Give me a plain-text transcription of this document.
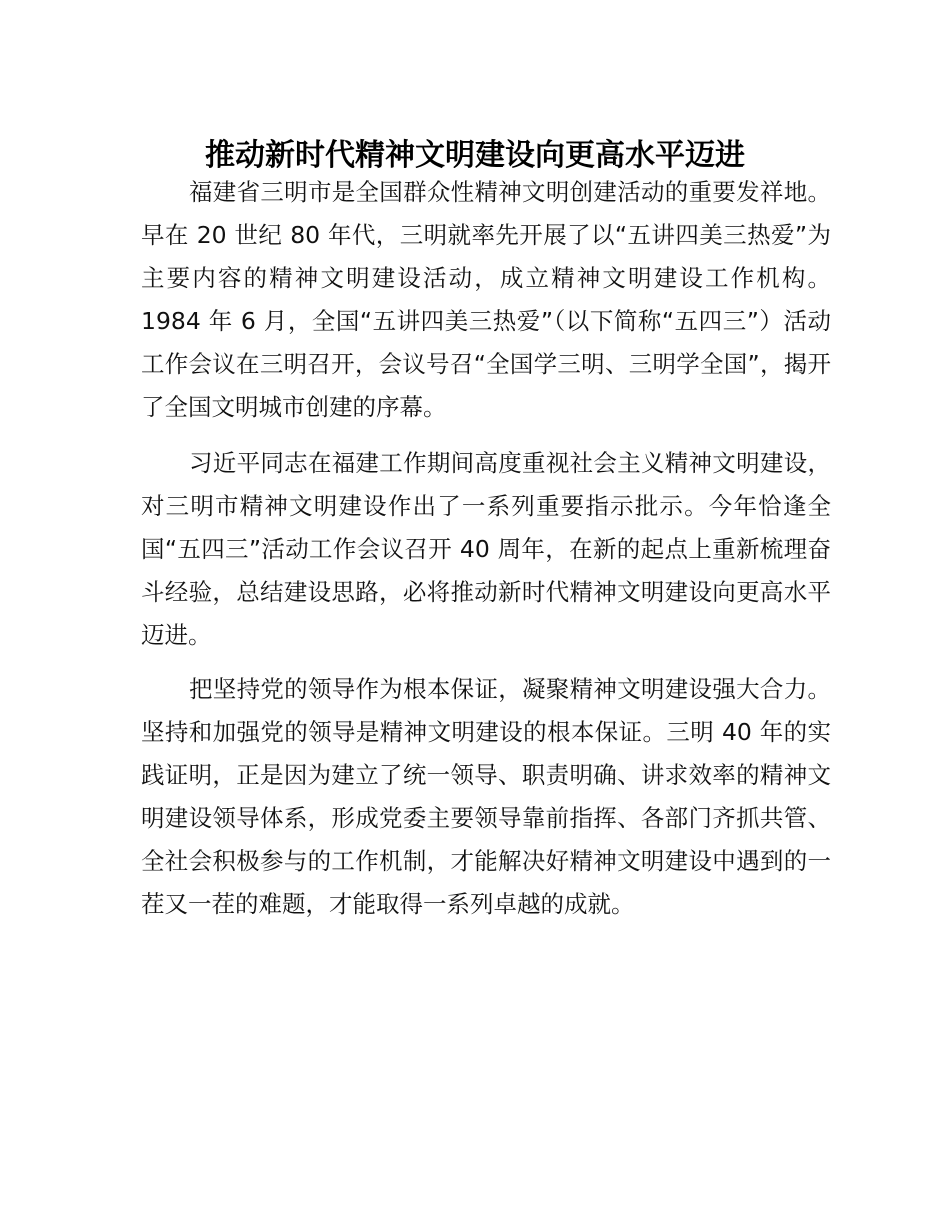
推动新时代精神文明建设向更高水平迈进

福建省三明市是全国群众性精神文明创建活动的重要发祥地。早在 20 世纪 80 年代，三明就率先开展了以“五讲四美三热爱”为主要内容的精神文明建设活动，成立精神文明建设工作机构。1984 年 6 月，全国“五讲四美三热爱”（以下简称“五四三”）活动工作会议在三明召开，会议号召“全国学三明、三明学全国”，揭开了全国文明城市创建的序幕。

习近平同志在福建工作期间高度重视社会主义精神文明建设，对三明市精神文明建设作出了一系列重要指示批示。今年恰逢全国“五四三”活动工作会议召开 40 周年，在新的起点上重新梳理奋斗经验，总结建设思路，必将推动新时代精神文明建设向更高水平迈进。

把坚持党的领导作为根本保证，凝聚精神文明建设强大合力。坚持和加强党的领导是精神文明建设的根本保证。三明 40 年的实践证明，正是因为建立了统一领导、职责明确、讲求效率的精神文明建设领导体系，形成党委主要领导靠前指挥、各部门齐抓共管、全社会积极参与的工作机制，才能解决好精神文明建设中遇到的一茬又一茬的难题，才能取得一系列卓越的成就。
